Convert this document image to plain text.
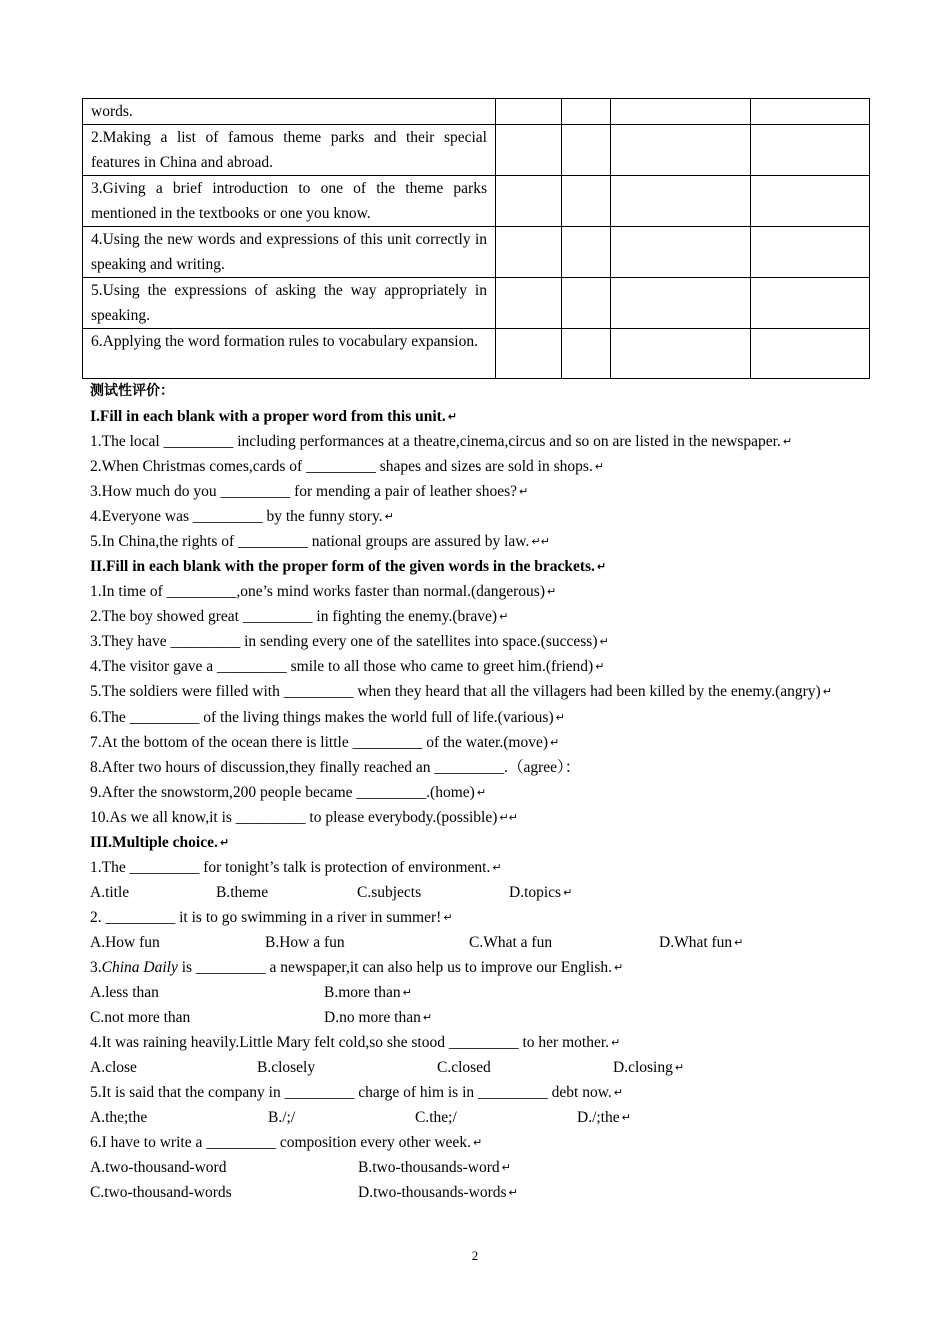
words.				
2.Making a list of famous theme parks and their special features in China and abroad.				
3.Giving a brief introduction to one of the theme parks mentioned in the textbooks or one you know.				
4.Using the new words and expressions of this unit correctly in speaking and writing.				
5.Using the expressions of asking the way appropriately in speaking.				
6.Applying the word formation rules to vocabulary expansion.				
测试性评价：
I.Fill in each blank with a proper word from this unit. ↵
1.The local _________ including performances at a theatre,cinema,circus and so on are listed in the newspaper. ↵
2.When Christmas comes,cards of _________ shapes and sizes are sold in shops. ↵
3.How much do you _________ for mending a pair of leather shoes? ↵
4.Everyone was _________ by the funny story. ↵
5.In China,the rights of _________ national groups are assured by law. ↵↵
II.Fill in each blank with the proper form of the given words in the brackets. ↵
1.In time of _________,one’s mind works faster than normal.(dangerous) ↵
2.The boy showed great _________ in fighting the enemy.(brave) ↵
3.They have _________ in sending every one of the satellites into space.(success) ↵
4.The visitor gave a _________ smile to all those who came to greet him.(friend) ↵
5.The soldiers were filled with _________ when they heard that all the villagers had been killed by the enemy.(angry) ↵
6.The _________ of the living things makes the world full of life.(various) ↵
7.At the bottom of the ocean there is little _________ of the water.(move) ↵
8.After two hours of discussion,they finally reached an _________.（agree）：
9.After the snowstorm,200 people became _________.(home) ↵
10.As we all know,it is _________ to please everybody.(possible) ↵↵
III.Multiple choice. ↵
1.The _________ for tonight’s talk is protection of environment. ↵
A.title	B.theme	C.subjects	D.topics ↵
2. _________ it is to go swimming in a river in summer! ↵
A.How fun	B.How a fun	C.What a fun	D.What fun ↵
3.China Daily is _________ a newspaper,it can also help us to improve our English. ↵
A.less than	B.more than ↵
C.not more than	D.no more than ↵
4.It was raining heavily.Little Mary felt cold,so she stood _________ to her mother. ↵
A.close	B.closely	C.closed	D.closing ↵
5.It is said that the company in _________ charge of him is in _________ debt now. ↵
A.the;the	B./;/	C.the;/	D./;the ↵
6.I have to write a _________ composition every other week. ↵
A.two-thousand-word	B.two-thousands-word ↵
C.two-thousand-words	D.two-thousands-words ↵
2
